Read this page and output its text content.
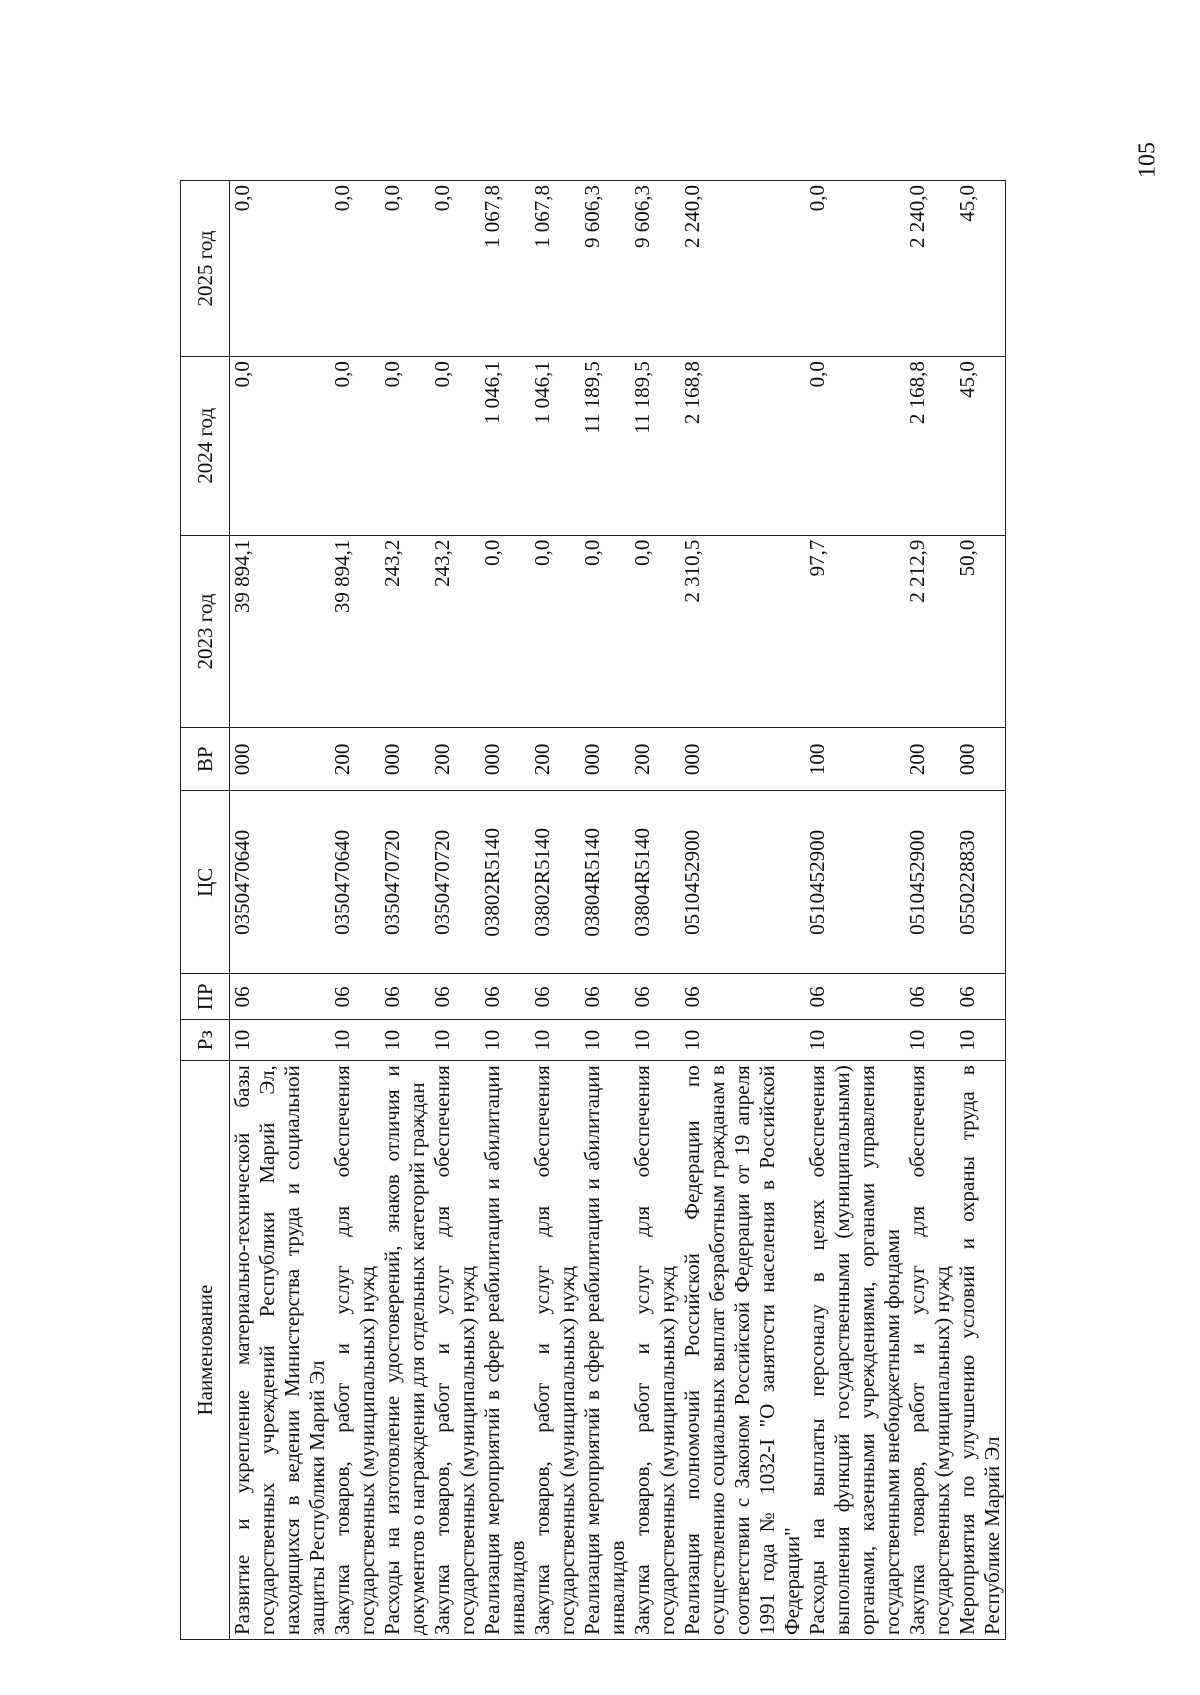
105
Наименование	Рз	ПР	ЦС	ВР	2023 год	2024 год	2025 год
Развитие и укрепление материально-технической базы государственных учреждений Республики Марий Эл, находящихся в ведении Министерства труда и социальной защиты Республики Марий Эл	10	06	0350470640	000	39 894,1	0,0	0,0
Закупка товаров, работ и услуг для обеспечения государственных (муниципальных) нужд	10	06	0350470640	200	39 894,1	0,0	0,0
Расходы на изготовление удостоверений, знаков отличия и документов о награждении для отдельных категорий граждан	10	06	0350470720	000	243,2	0,0	0,0
Закупка товаров, работ и услуг для обеспечения государственных (муниципальных) нужд	10	06	0350470720	200	243,2	0,0	0,0
Реализация мероприятий в сфере реабилитации и абилитации инвалидов	10	06	03802R5140	000	0,0	1 046,1	1 067,8
Закупка товаров, работ и услуг для обеспечения государственных (муниципальных) нужд	10	06	03802R5140	200	0,0	1 046,1	1 067,8
Реализация мероприятий в сфере реабилитации и абилитации инвалидов	10	06	03804R5140	000	0,0	11 189,5	9 606,3
Закупка товаров, работ и услуг для обеспечения государственных (муниципальных) нужд	10	06	03804R5140	200	0,0	11 189,5	9 606,3
Реализация полномочий Российской Федерации по осуществлению социальных выплат безработным гражданам в соответствии с Законом Российской Федерации от 19 апреля 1991 года № 1032-I "О занятости населения в Российской Федерации"	10	06	0510452900	000	2 310,5	2 168,8	2 240,0
Расходы на выплаты персоналу в целях обеспечения выполнения функций государственными (муниципальными) органами, казенными учреждениями, органами управления государственными внебюджетными фондами	10	06	0510452900	100	97,7	0,0	0,0
Закупка товаров, работ и услуг для обеспечения государственных (муниципальных) нужд	10	06	0510452900	200	2 212,9	2 168,8	2 240,0
Мероприятия по улучшению условий и охраны труда в Республике Марий Эл	10	06	0550228830	000	50,0	45,0	45,0
